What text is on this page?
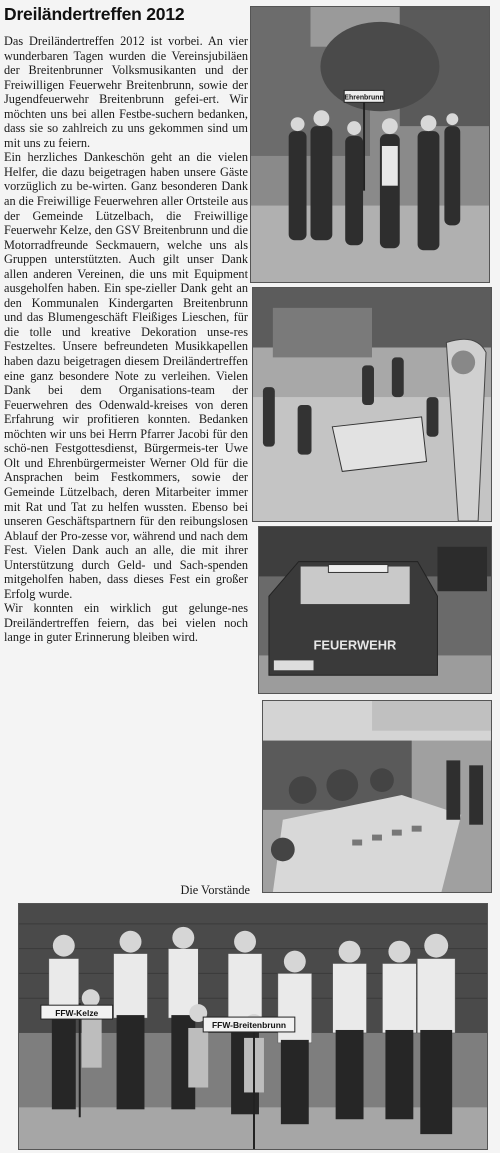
Dreiländertreffen 2012

Das Dreiländertreffen 2012 ist vorbei. An vier wunderbaren Tagen wurden die Vereinsjubiläen der Breitenbrunner Volksmusikanten und der Freiwilligen Feuerwehr Breitenbrunn, sowie der Jugendfeuerwehr Breitenbrunn gefei-ert. Wir möchten uns bei allen Festbe-suchern bedanken, dass sie so zahlreich zu uns gekommen sind um mit uns zu feiern.

Ein herzliches Dankeschön geht an die vielen Helfer, die dazu beigetragen haben unsere Gäste vorzüglich zu be-wirten. Ganz besonderen Dank an die Freiwillige Feuerwehren aller Ortsteile aus der Gemeinde Lützelbach, die Freiwillige Feuerwehr Kelze, den GSV Breitenbrunn und die Motorradfreunde Seckmauern, welche uns als Gruppen unterstützten. Auch gilt unser Dank allen anderen Vereinen, die uns mit Equipment ausgeholfen haben. Ein spe-zieller Dank geht an den Kommunalen Kindergarten Breitenbrunn und das Blumengeschäft Fleißiges Lieschen, für die tolle und kreative Dekoration unse-res Festzeltes. Unsere befreundeten Musikkapellen haben dazu beigetragen diesem Dreiländertreffen eine ganz besondere Note zu verleihen. Vielen Dank bei dem Organisations-team der Feuerwehren des Odenwald-kreises von deren Erfahrung wir profitieren konnten. Bedanken möchten wir uns bei Herrn Pfarrer Jacobi für den schö-nen Festgottesdienst, Bürgermeis-ter Uwe Olt und Ehrenbürgermeister Werner Old für die Ansprachen beim Festkommers, sowie der Gemeinde Lützelbach, deren Mitarbeiter immer mit Rat und Tat zu helfen wussten. Ebenso bei unseren Geschäftspartnern für den reibungslosen Ablauf der Pro-zesse vor, während und nach dem Fest. Vielen Dank auch an alle, die mit ihrer Unterstützung durch Geld- und Sach-spenden mitgeholfen haben, dass dieses Fest ein großer Erfolg wurde.

Wir konnten ein wirklich gut gelunge-nes Dreiländertreffen feiern, das bei vielen noch lange in guter Erinnerung bleiben wird.

Die Vorstände
Ehrenbrunn
FEUERWEHR
FFW-Kelze
FFW-Breitenbrunn
